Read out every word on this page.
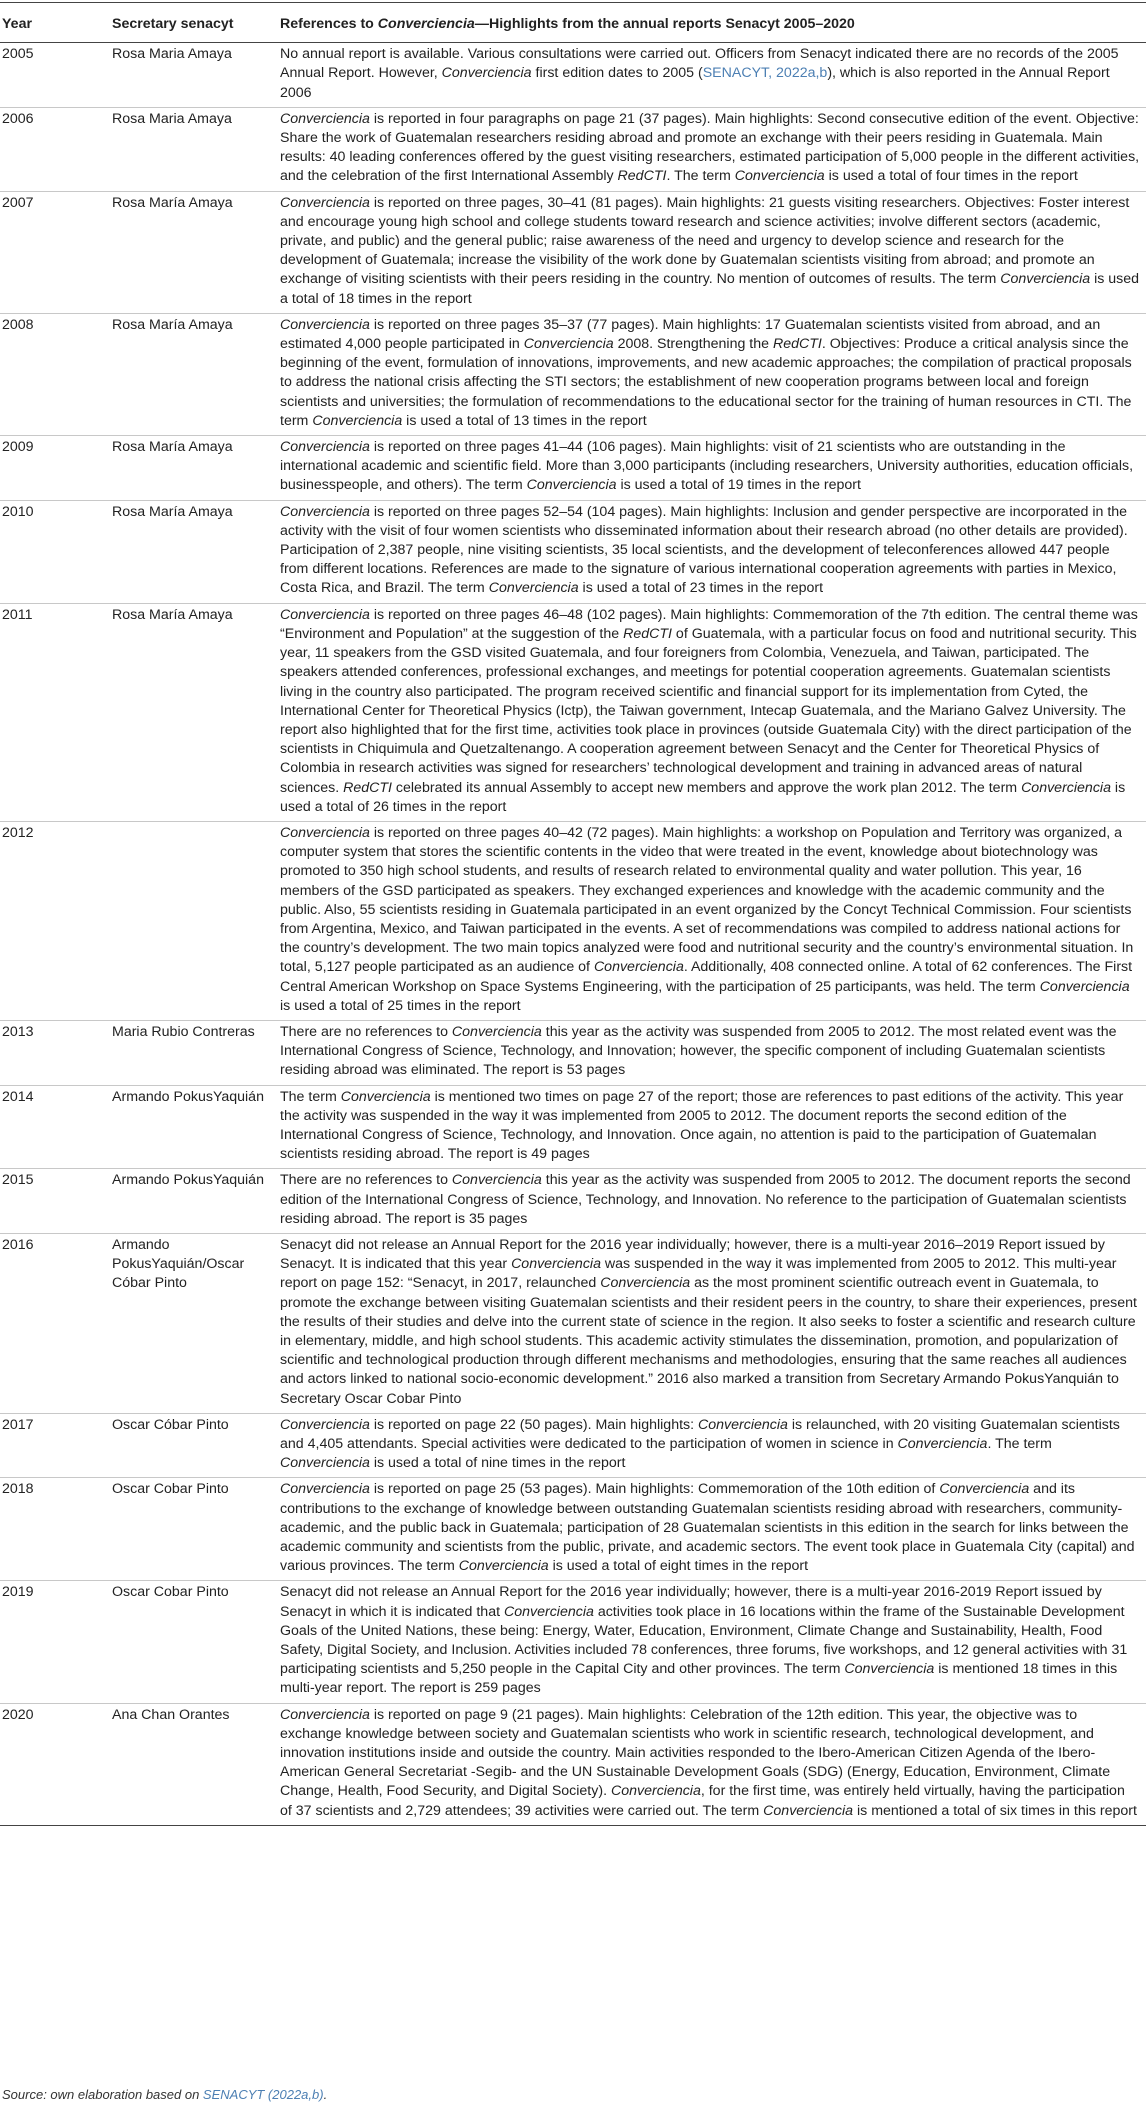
Year	Secretary senacyt	References to Converciencia—Highlights from the annual reports Senacyt 2005–2020
2005	Rosa Maria Amaya	No annual report is available. Various consultations were carried out. Officers from Senacyt indicated there are no records of the 2005 Annual Report. However, Converciencia first edition dates to 2005 (SENACYT, 2022a,b), which is also reported in the Annual Report 2006
2006	Rosa Maria Amaya	Converciencia is reported in four paragraphs on page 21 (37 pages). Main highlights: Second consecutive edition of the event. Objective: Share the work of Guatemalan researchers residing abroad and promote an exchange with their peers residing in Guatemala. Main results: 40 leading conferences offered by the guest visiting researchers, estimated participation of 5,000 people in the different activities, and the celebration of the first International Assembly RedCTI. The term Converciencia is used a total of four times in the report
2007	Rosa María Amaya	Converciencia is reported on three pages, 30–41 (81 pages). Main highlights: 21 guests visiting researchers. Objectives: Foster interest and encourage young high school and college students toward research and science activities; involve different sectors (academic, private, and public) and the general public; raise awareness of the need and urgency to develop science and research for the development of Guatemala; increase the visibility of the work done by Guatemalan scientists visiting from abroad; and promote an exchange of visiting scientists with their peers residing in the country. No mention of outcomes of results. The term Converciencia is used a total of 18 times in the report
2008	Rosa María Amaya	Converciencia is reported on three pages 35–37 (77 pages). Main highlights: 17 Guatemalan scientists visited from abroad, and an estimated 4,000 people participated in Converciencia 2008. Strengthening the RedCTI. Objectives: Produce a critical analysis since the beginning of the event, formulation of innovations, improvements, and new academic approaches; the compilation of practical proposals to address the national crisis affecting the STI sectors; the establishment of new cooperation programs between local and foreign scientists and universities; the formulation of recommendations to the educational sector for the training of human resources in CTI. The term Converciencia is used a total of 13 times in the report
2009	Rosa María Amaya	Converciencia is reported on three pages 41–44 (106 pages). Main highlights: visit of 21 scientists who are outstanding in the international academic and scientific field. More than 3,000 participants (including researchers, University authorities, education officials, businesspeople, and others). The term Converciencia is used a total of 19 times in the report
2010	Rosa María Amaya	Converciencia is reported on three pages 52–54 (104 pages). Main highlights: Inclusion and gender perspective are incorporated in the activity with the visit of four women scientists who disseminated information about their research abroad (no other details are provided). Participation of 2,387 people, nine visiting scientists, 35 local scientists, and the development of teleconferences allowed 447 people from different locations. References are made to the signature of various international cooperation agreements with parties in Mexico, Costa Rica, and Brazil. The term Converciencia is used a total of 23 times in the report
2011	Rosa María Amaya	Converciencia is reported on three pages 46–48 (102 pages). Main highlights: Commemoration of the 7th edition. The central theme was “Environment and Population” at the suggestion of the RedCTI of Guatemala, with a particular focus on food and nutritional security. This year, 11 speakers from the GSD visited Guatemala, and four foreigners from Colombia, Venezuela, and Taiwan, participated. The speakers attended conferences, professional exchanges, and meetings for potential cooperation agreements. Guatemalan scientists living in the country also participated. The program received scientific and financial support for its implementation from Cyted, the International Center for Theoretical Physics (Ictp), the Taiwan government, Intecap Guatemala, and the Mariano Galvez University. The report also highlighted that for the first time, activities took place in provinces (outside Guatemala City) with the direct participation of the scientists in Chiquimula and Quetzaltenango. A cooperation agreement between Senacyt and the Center for Theoretical Physics of Colombia in research activities was signed for researchers’ technological development and training in advanced areas of natural sciences. RedCTI celebrated its annual Assembly to accept new members and approve the work plan 2012. The term Converciencia is used a total of 26 times in the report
2012		Converciencia is reported on three pages 40–42 (72 pages). Main highlights: a workshop on Population and Territory was organized, a computer system that stores the scientific contents in the video that were treated in the event, knowledge about biotechnology was promoted to 350 high school students, and results of research related to environmental quality and water pollution. This year, 16 members of the GSD participated as speakers. They exchanged experiences and knowledge with the academic community and the public. Also, 55 scientists residing in Guatemala participated in an event organized by the Concyt Technical Commission. Four scientists from Argentina, Mexico, and Taiwan participated in the events. A set of recommendations was compiled to address national actions for the country’s development. The two main topics analyzed were food and nutritional security and the country’s environmental situation. In total, 5,127 people participated as an audience of Converciencia. Additionally, 408 connected online. A total of 62 conferences. The First Central American Workshop on Space Systems Engineering, with the participation of 25 participants, was held. The term Converciencia is used a total of 25 times in the report
2013	Maria Rubio Contreras	There are no references to Converciencia this year as the activity was suspended from 2005 to 2012. The most related event was the International Congress of Science, Technology, and Innovation; however, the specific component of including Guatemalan scientists residing abroad was eliminated. The report is 53 pages
2014	Armando PokusYaquián	The term Converciencia is mentioned two times on page 27 of the report; those are references to past editions of the activity. This year the activity was suspended in the way it was implemented from 2005 to 2012. The document reports the second edition of the International Congress of Science, Technology, and Innovation. Once again, no attention is paid to the participation of Guatemalan scientists residing abroad. The report is 49 pages
2015	Armando PokusYaquián	There are no references to Converciencia this year as the activity was suspended from 2005 to 2012. The document reports the second edition of the International Congress of Science, Technology, and Innovation. No reference to the participation of Guatemalan scientists residing abroad. The report is 35 pages
2016	Armando PokusYaquián/Oscar Cóbar Pinto	Senacyt did not release an Annual Report for the 2016 year individually; however, there is a multi-year 2016–2019 Report issued by Senacyt. It is indicated that this year Converciencia was suspended in the way it was implemented from 2005 to 2012. This multi-year report on page 152: “Senacyt, in 2017, relaunched Converciencia as the most prominent scientific outreach event in Guatemala, to promote the exchange between visiting Guatemalan scientists and their resident peers in the country, to share their experiences, present the results of their studies and delve into the current state of science in the region. It also seeks to foster a scientific and research culture in elementary, middle, and high school students. This academic activity stimulates the dissemination, promotion, and popularization of scientific and technological production through different mechanisms and methodologies, ensuring that the same reaches all audiences and actors linked to national socio-economic development.” 2016 also marked a transition from Secretary Armando PokusYanquián to Secretary Oscar Cobar Pinto
2017	Oscar Cóbar Pinto	Converciencia is reported on page 22 (50 pages). Main highlights: Converciencia is relaunched, with 20 visiting Guatemalan scientists and 4,405 attendants. Special activities were dedicated to the participation of women in science in Converciencia. The term Converciencia is used a total of nine times in the report
2018	Oscar Cobar Pinto	Converciencia is reported on page 25 (53 pages). Main highlights: Commemoration of the 10th edition of Converciencia and its contributions to the exchange of knowledge between outstanding Guatemalan scientists residing abroad with researchers, community-academic, and the public back in Guatemala; participation of 28 Guatemalan scientists in this edition in the search for links between the academic community and scientists from the public, private, and academic sectors. The event took place in Guatemala City (capital) and various provinces. The term Converciencia is used a total of eight times in the report
2019	Oscar Cobar Pinto	Senacyt did not release an Annual Report for the 2016 year individually; however, there is a multi-year 2016-2019 Report issued by Senacyt in which it is indicated that Converciencia activities took place in 16 locations within the frame of the Sustainable Development Goals of the United Nations, these being: Energy, Water, Education, Environment, Climate Change and Sustainability, Health, Food Safety, Digital Society, and Inclusion. Activities included 78 conferences, three forums, five workshops, and 12 general activities with 31 participating scientists and 5,250 people in the Capital City and other provinces. The term Converciencia is mentioned 18 times in this multi-year report. The report is 259 pages
2020	Ana Chan Orantes	Converciencia is reported on page 9 (21 pages). Main highlights: Celebration of the 12th edition. This year, the objective was to exchange knowledge between society and Guatemalan scientists who work in scientific research, technological development, and innovation institutions inside and outside the country. Main activities responded to the Ibero-American Citizen Agenda of the Ibero-American General Secretariat -Segib- and the UN Sustainable Development Goals (SDG) (Energy, Education, Environment, Climate Change, Health, Food Security, and Digital Society). Converciencia, for the first time, was entirely held virtually, having the participation of 37 scientists and 2,729 attendees; 39 activities were carried out. The term Converciencia is mentioned a total of six times in this report
Source: own elaboration based on SENACYT (2022a,b).
